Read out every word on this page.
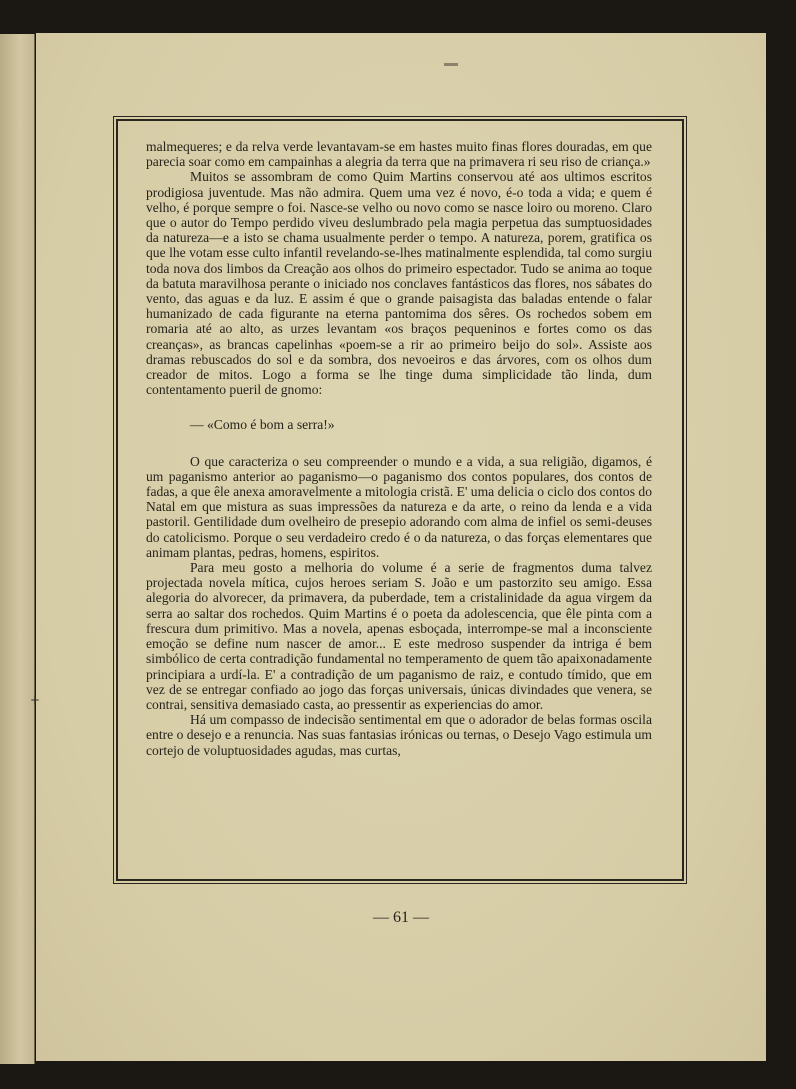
malmequeres; e da relva verde levantavam-se em hastes muito finas flores douradas, em que parecia soar como em campainhas a alegria da terra que na primavera ri seu riso de criança.»

Muitos se assombram de como Quim Martins conservou até aos ultimos escritos prodigiosa juventude. Mas não admira. Quem uma vez é novo, é-o toda a vida; e quem é velho, é porque sempre o foi. Nasce-se velho ou novo como se nasce loiro ou moreno. Claro que o autor do Tempo perdido viveu deslumbrado pela magia perpetua das sumptuosidades da natureza—e a isto se chama usualmente perder o tempo. A natureza, porem, gratifica os que lhe votam esse culto infantil revelando-se-lhes matinalmente esplendida, tal como surgiu toda nova dos limbos da Creação aos olhos do primeiro espectador. Tudo se anima ao toque da batuta maravilhosa perante o iniciado nos conclaves fantásticos das flores, nos sábates do vento, das aguas e da luz. E assim é que o grande paisagista das baladas entende o falar humanizado de cada figurante na eterna pantomima dos sêres. Os rochedos sobem em romaria até ao alto, as urzes levantam «os braços pequeninos e fortes como os das creanças», as brancas capelinhas «poem-se a rir ao primeiro beijo do sol». Assiste aos dramas rebuscados do sol e da sombra, dos nevoeiros e das árvores, com os olhos dum creador de mitos. Logo a forma se lhe tinge duma simplicidade tão linda, dum contentamento pueril de gnomo:

— «Como é bom a serra!»

O que caracteriza o seu compreender o mundo e a vida, a sua religião, digamos, é um paganismo anterior ao paganismo—o paganismo dos contos populares, dos contos de fadas, a que êle anexa amoravelmente a mitologia cristã. E' uma delicia o ciclo dos contos do Natal em que mistura as suas impressões da natureza e da arte, o reino da lenda e a vida pastoril. Gentilidade dum ovelheiro de presepio adorando com alma de infiel os semi-deuses do catolicismo. Porque o seu verdadeiro credo é o da natureza, o das forças elementares que animam plantas, pedras, homens, espiritos.

Para meu gosto a melhoria do volume é a serie de fragmentos duma talvez projectada novela mítica, cujos heroes seriam S. João e um pastorzito seu amigo. Essa alegoria do alvorecer, da primavera, da puberdade, tem a cristalinidade da agua virgem da serra ao saltar dos rochedos. Quim Martins é o poeta da adolescencia, que êle pinta com a frescura dum primitivo. Mas a novela, apenas esboçada, interrompe-se mal a inconsciente emoção se define num nascer de amor... E este medroso suspender da intriga é bem simbólico de certa contradição fundamental no temperamento de quem tão apaixonadamente principiara a urdí-la. E' a contradição de um paganismo de raiz, e contudo tímido, que em vez de se entregar confiado ao jogo das forças universais, únicas divindades que venera, se contrai, sensitiva demasiado casta, ao pressentir as experiencias do amor.

Há um compasso de indecisão sentimental em que o adorador de belas formas oscila entre o desejo e a renuncia. Nas suas fantasias irónicas ou ternas, o Desejo Vago estimula um cortejo de voluptuosidades agudas, mas curtas,

— 61 —
+
